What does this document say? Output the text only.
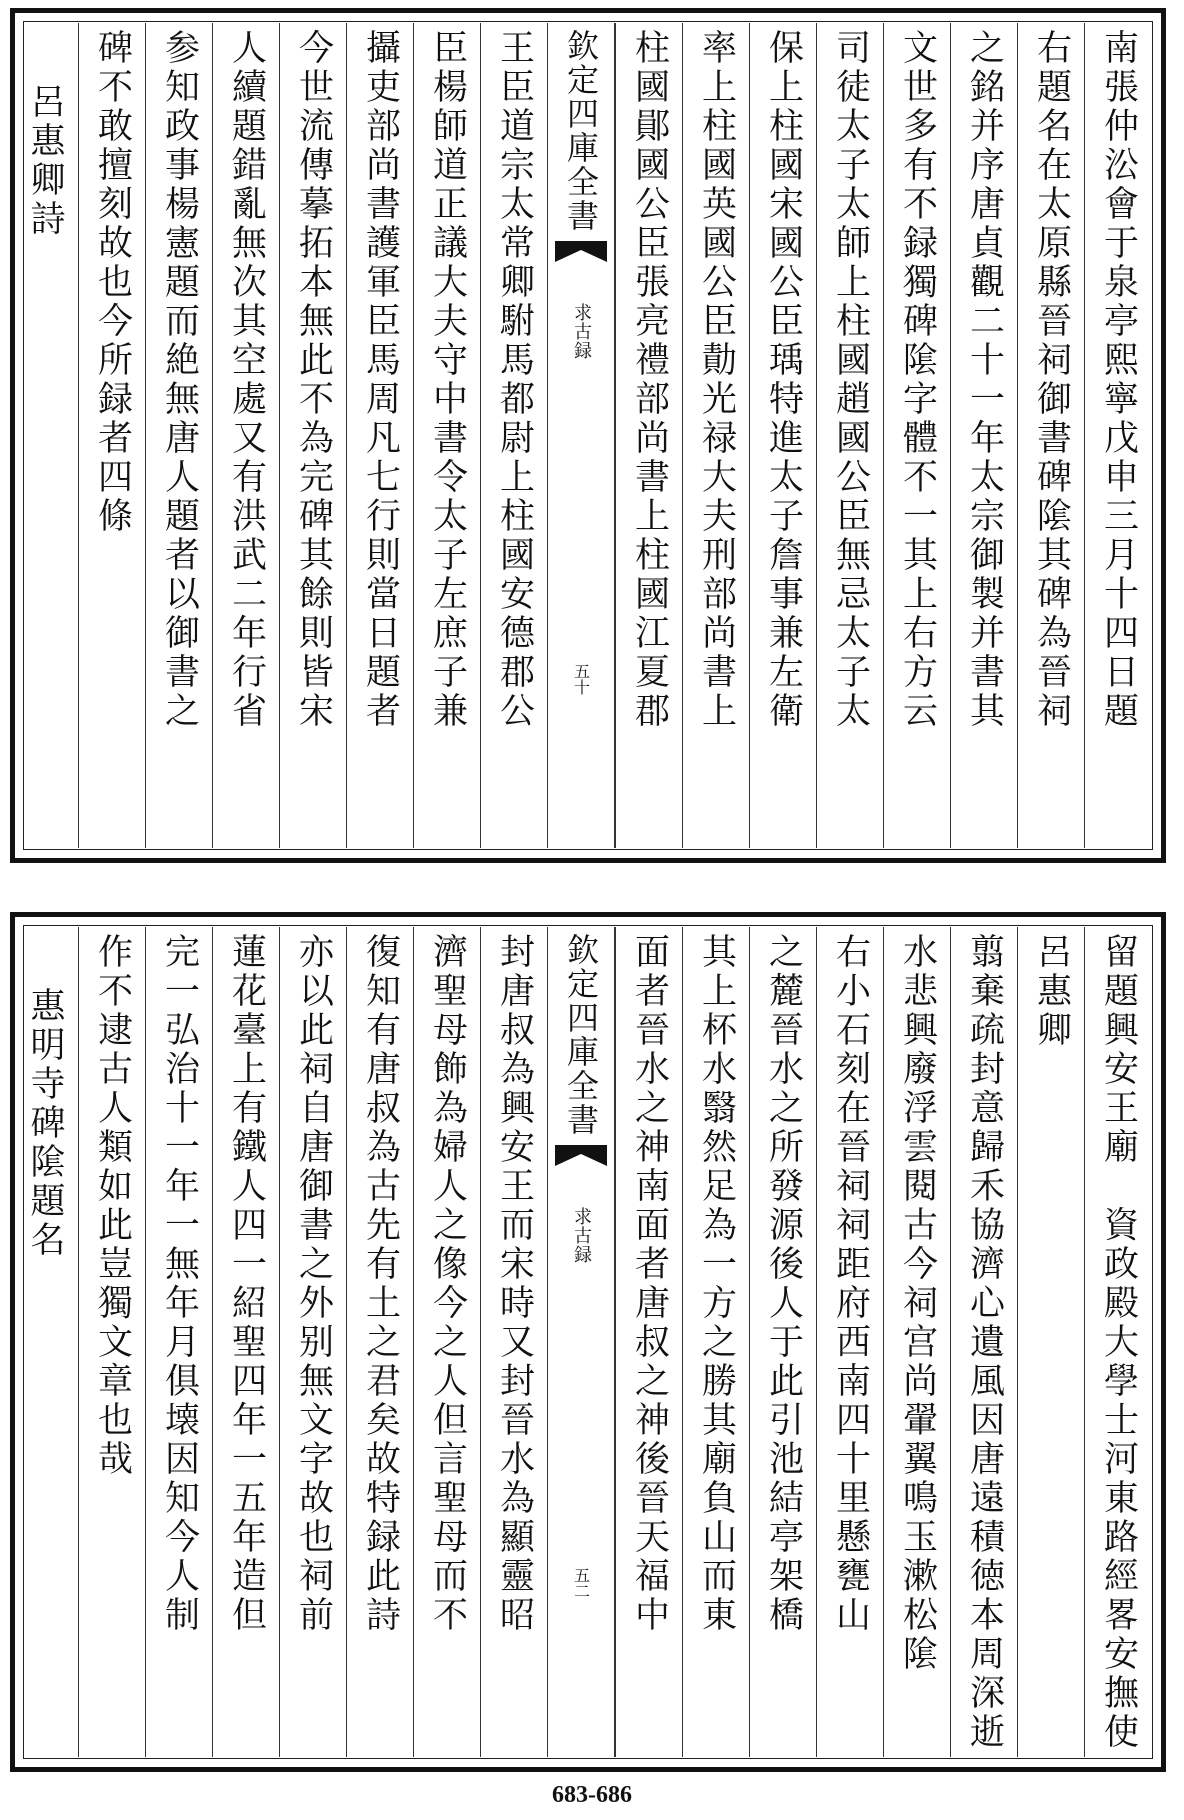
南張仲㳂會于泉亭熙寧戊申三月十四日題
右題名在太原縣晉祠御書碑隂其碑為晉祠
之銘并序唐貞觀二十一年太宗御製并書其
文世多有不録獨碑隂字體不一其上右方云
司徒太子太師上柱國趙國公臣無忌太子太
保上柱國宋國公臣瑀特進太子詹事兼左衛
率上柱國英國公臣勣光禄大夫刑部尚書上
柱國鄖國公臣張亮禮部尚書上柱國江夏郡
欽定四庫全書
求古録
五十
王臣道宗太常卿駙馬都尉上柱國安德郡公
臣楊師道正議大夫守中書令太子左庶子兼
攝吏部尚書護軍臣馬周凡七行則當日題者
今世流傳摹拓本無此不為完碑其餘則皆宋
人續題錯亂無次其空處又有洪武二年行省
参知政事楊憲題而絶無唐人題者以御書之
碑不敢擅刻故也今所録者四條
呂惠卿詩
留題興安王廟　資政殿大學士河東路經畧安撫使
呂惠卿
翦棄疏封意歸禾協濟心遺風因唐遠積徳本周深逝
水悲興廢浮雲閱古今祠宫尚翬翼鳴玉漱松隂
右小石刻在晉祠祠距府西南四十里懸甕山
之麓晉水之所發源後人于此引池結亭架橋
其上杯水翳然足為一方之勝其廟負山而東
面者晉水之神南面者唐叔之神後晉天福中
欽定四庫全書
求古録
五二
封唐叔為興安王而宋時又封晉水為顯靈昭
濟聖母飾為婦人之像今之人但言聖母而不
復知有唐叔為古先有土之君矣故特録此詩
亦以此祠自唐御書之外别無文字故也祠前
蓮花臺上有鐵人四一紹聖四年一五年造但
完一弘治十一年一無年月俱壊因知今人制
作不逮古人類如此豈獨文章也哉
惠明寺碑隂題名
683-686
